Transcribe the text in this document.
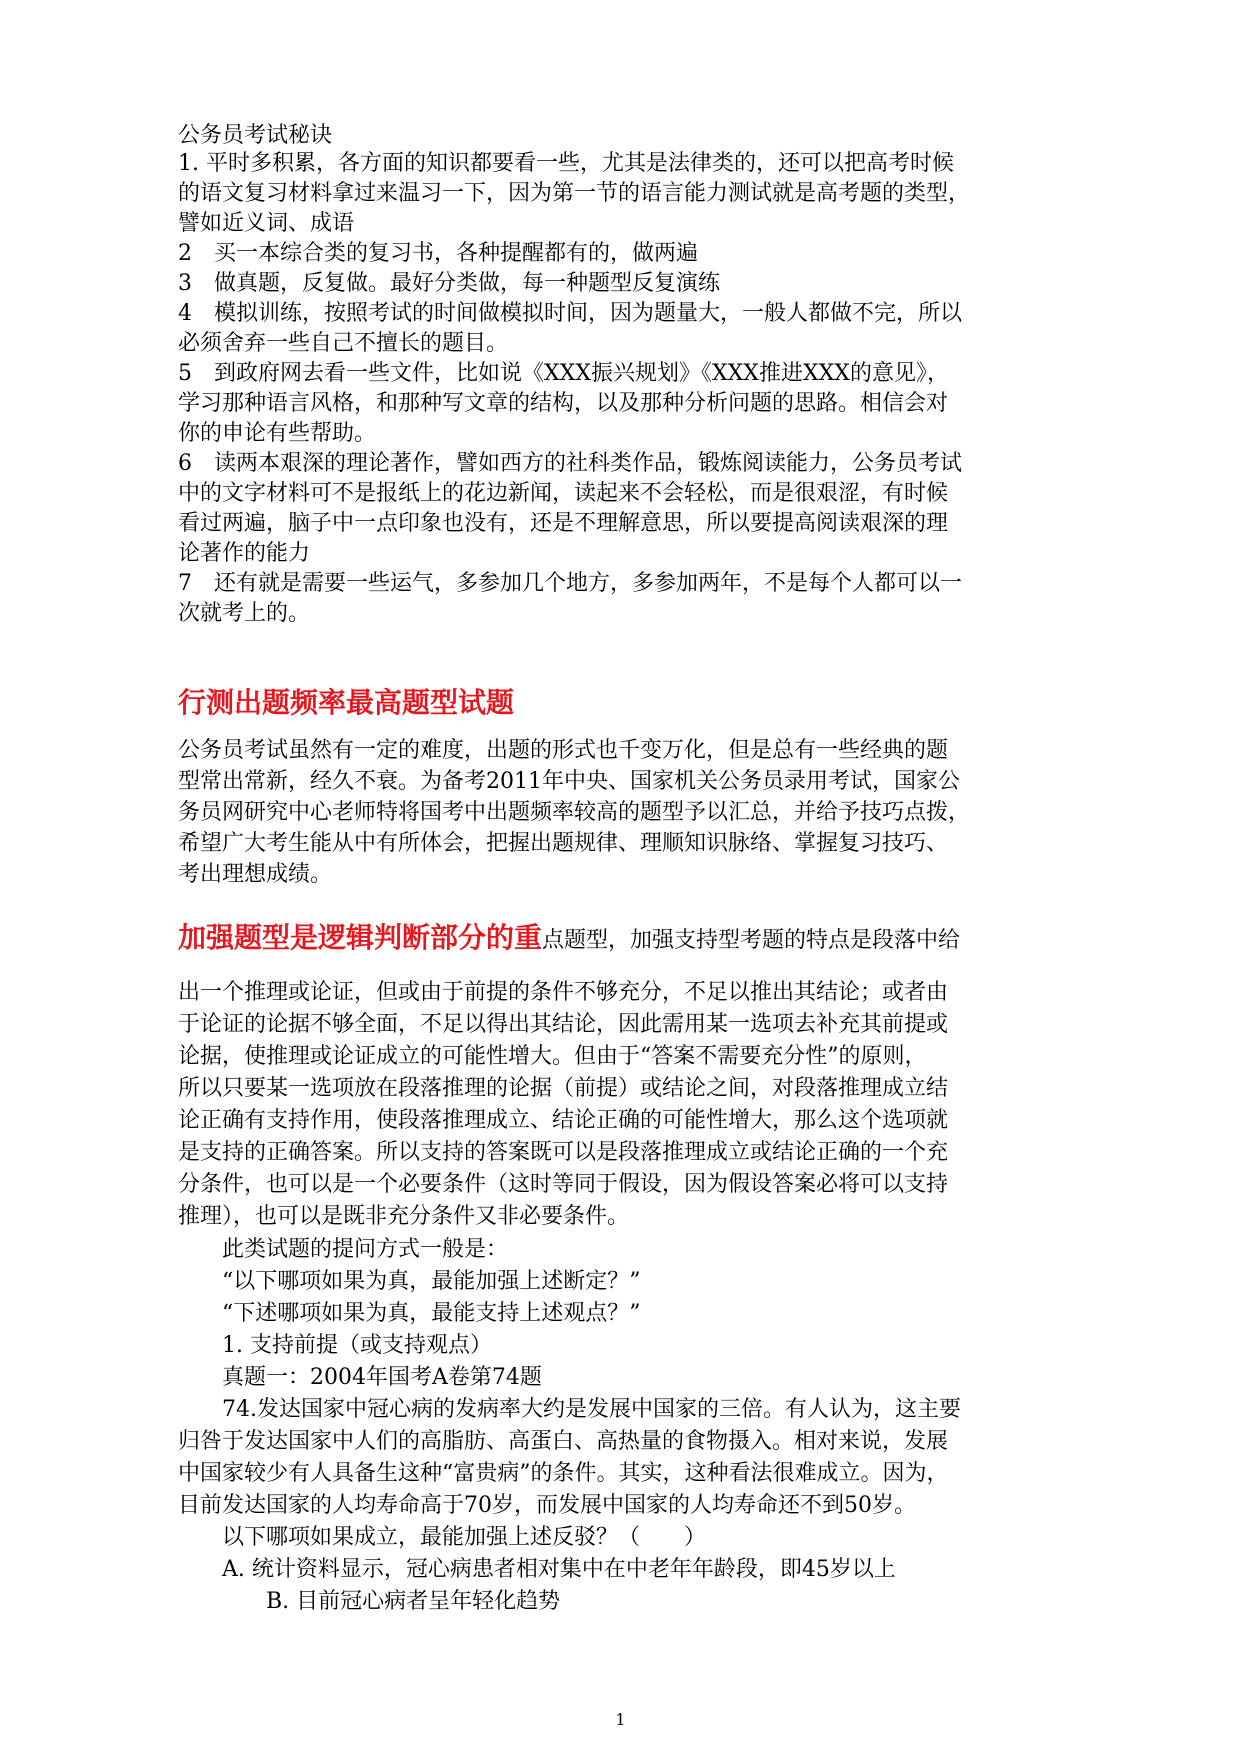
公务员考试秘诀
1. 平时多积累，各方面的知识都要看一些，尤其是法律类的，还可以把高考时候
的语文复习材料拿过来温习一下，因为第一节的语言能力测试就是高考题的类型，
譬如近义词、成语
2　买一本综合类的复习书，各种提醒都有的，做两遍
3　做真题，反复做。最好分类做，每一种题型反复演练
4　模拟训练，按照考试的时间做模拟时间，因为题量大，一般人都做不完，所以
必须舍弃一些自己不擅长的题目。
5　到政府网去看一些文件，比如说《XXX振兴规划》《XXX推进XXX的意见》，
学习那种语言风格，和那种写文章的结构，以及那种分析问题的思路。相信会对
你的申论有些帮助。
6　读两本艰深的理论著作，譬如西方的社科类作品，锻炼阅读能力，公务员考试
中的文字材料可不是报纸上的花边新闻，读起来不会轻松，而是很艰涩，有时候
看过两遍，脑子中一点印象也没有，还是不理解意思，所以要提高阅读艰深的理
论著作的能力
7　还有就是需要一些运气，多参加几个地方，多参加两年，不是每个人都可以一
次就考上的。
行测出题频率最高题型试题
公务员考试虽然有一定的难度，出题的形式也千变万化，但是总有一些经典的题
型常出常新，经久不衰。为备考2011年中央、国家机关公务员录用考试，国家公
务员网研究中心老师特将国考中出题频率较高的题型予以汇总，并给予技巧点拨，
希望广大考生能从中有所体会，把握出题规律、理顺知识脉络、掌握复习技巧、
考出理想成绩。
加强题型是逻辑判断部分的重点题型，加强支持型考题的特点是段落中给
出一个推理或论证，但或由于前提的条件不够充分，不足以推出其结论；或者由
于论证的论据不够全面，不足以得出其结论，因此需用某一选项去补充其前提或
论据，使推理或论证成立的可能性增大。但由于“答案不需要充分性”的原则，
所以只要某一选项放在段落推理的论据（前提）或结论之间，对段落推理成立结
论正确有支持作用，使段落推理成立、结论正确的可能性增大，那么这个选项就
是支持的正确答案。所以支持的答案既可以是段落推理成立或结论正确的一个充
分条件，也可以是一个必要条件（这时等同于假设，因为假设答案必将可以支持
推理），也可以是既非充分条件又非必要条件。
　　此类试题的提问方式一般是：
　　“以下哪项如果为真，最能加强上述断定？”
　　“下述哪项如果为真，最能支持上述观点？”
　　1. 支持前提（或支持观点）
　　真题一：2004年国考A卷第74题
　　74.发达国家中冠心病的发病率大约是发展中国家的三倍。有人认为，这主要
归咎于发达国家中人们的高脂肪、高蛋白、高热量的食物摄入。相对来说，发展
中国家较少有人具备生这种“富贵病”的条件。其实，这种看法很难成立。因为，
目前发达国家的人均寿命高于70岁，而发展中国家的人均寿命还不到50岁。
　　以下哪项如果成立，最能加强上述反驳？（　　）
　　A. 统计资料显示，冠心病患者相对集中在中老年年龄段，即45岁以上
　　　　B. 目前冠心病者呈年轻化趋势
1
